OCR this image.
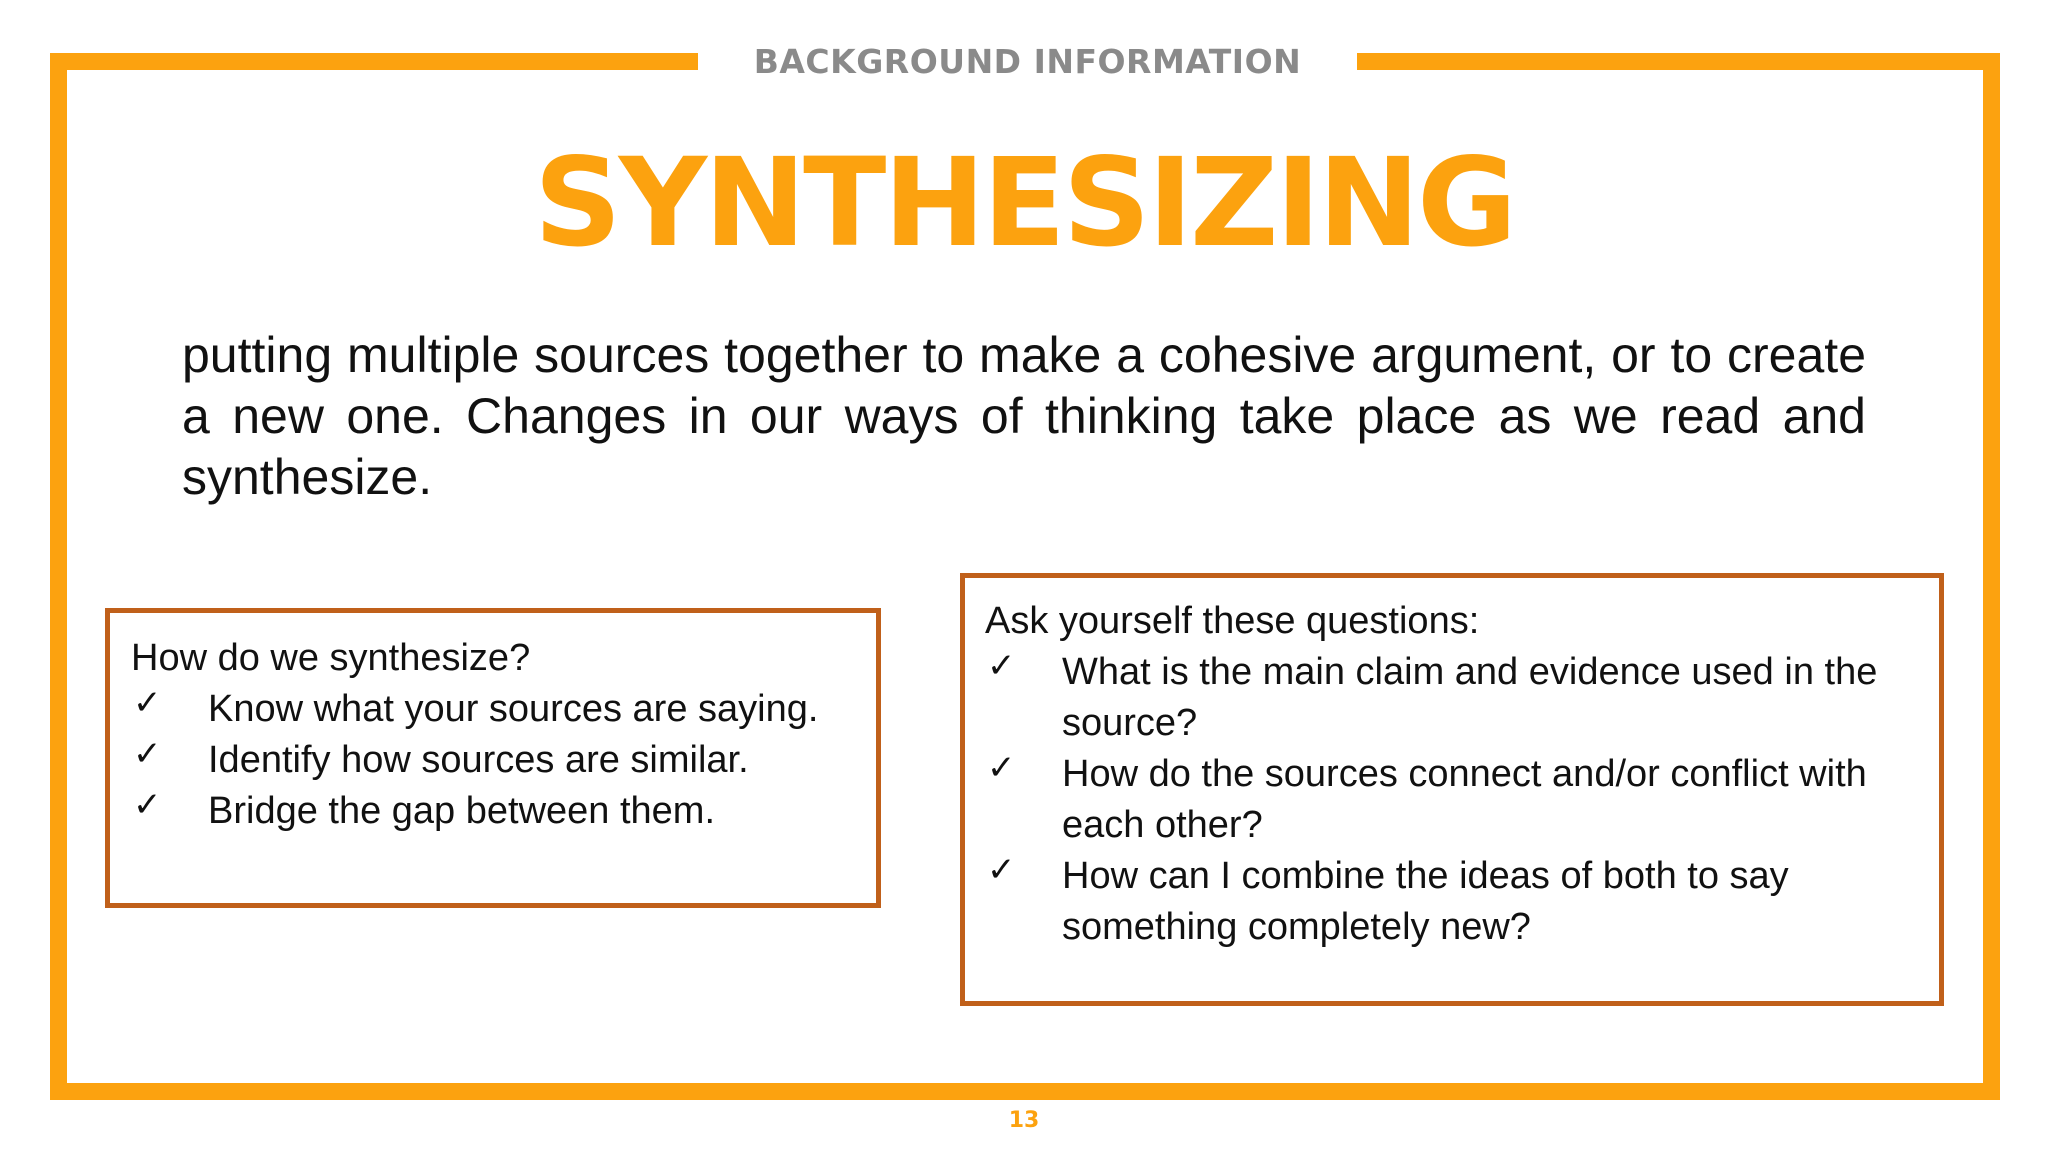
BACKGROUND INFORMATION
SYNTHESIZING
putting multiple sources together to make a cohesive argument, or to create a new one. Changes in our ways of thinking take place as we read and synthesize.
How do we synthesize?
✓ Know what your sources are saying.
✓ Identify how sources are similar.
✓ Bridge the gap between them.
Ask yourself these questions:
✓ What is the main claim and evidence used in the source?
✓ How do the sources connect and/or conflict with each other?
✓ How can I combine the ideas of both to say something completely new?
13
